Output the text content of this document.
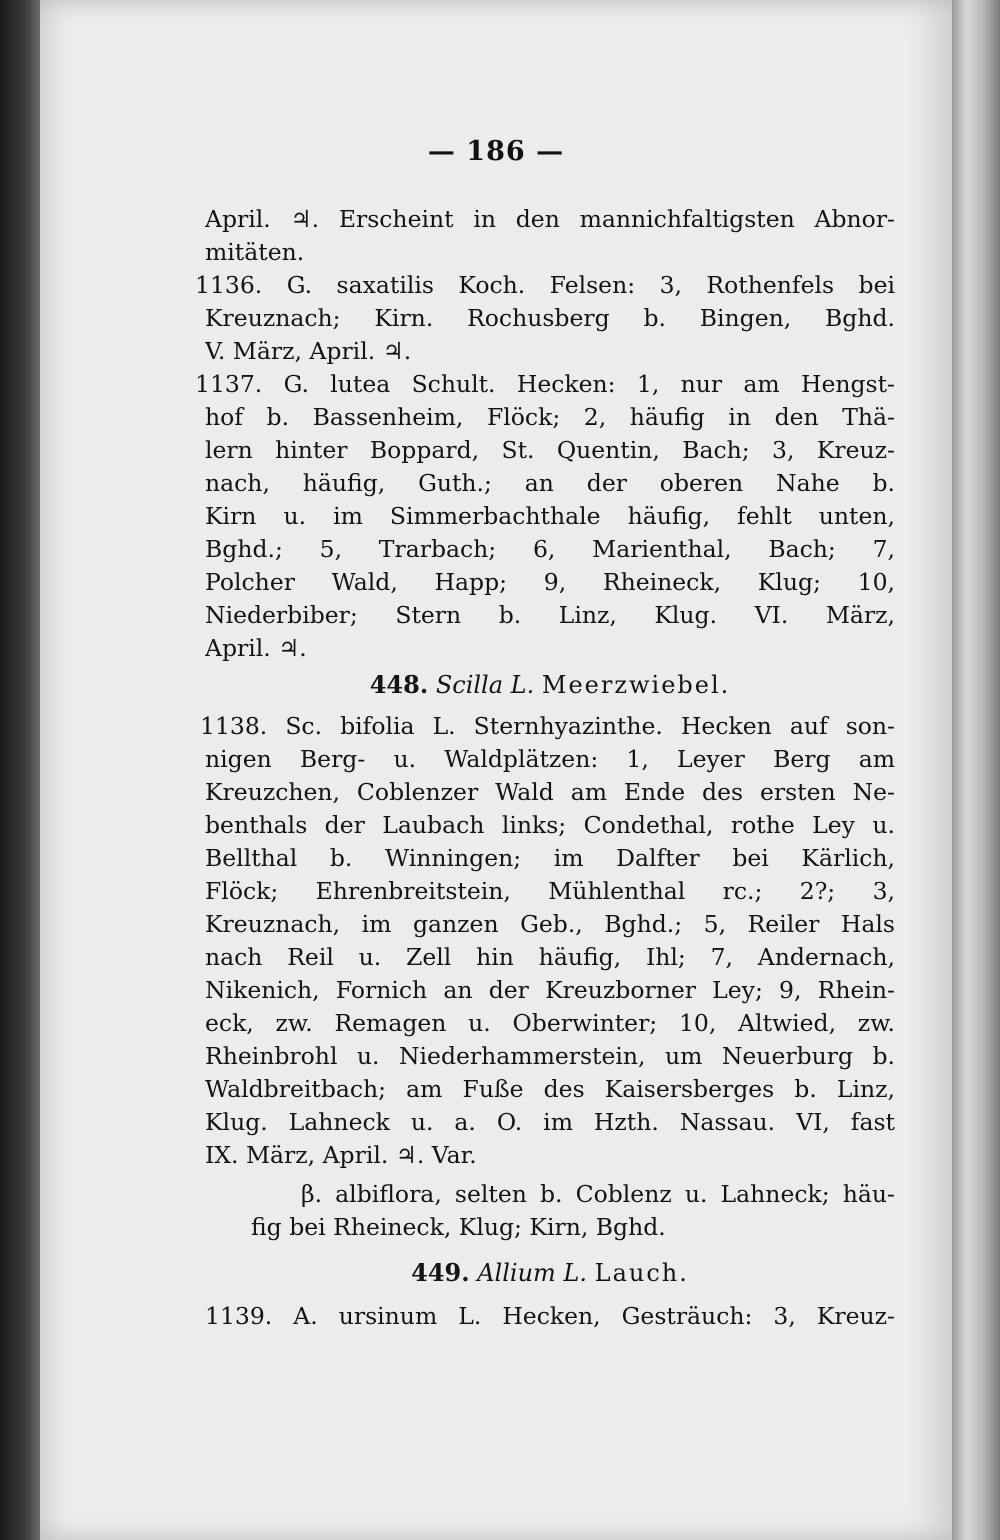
— 186 —
April. ♃. Erscheint in den mannichfaltigsten Abnor-
mitäten.
1136. G. saxatilis Koch. Felsen: 3, Rothenfels bei
Kreuznach; Kirn. Rochusberg b. Bingen, Bghd.
V. März, April. ♃.
1137. G. lutea Schult. Hecken: 1, nur am Hengst-
hof b. Bassenheim, Flöck; 2, häufig in den Thä-
lern hinter Boppard, St. Quentin, Bach; 3, Kreuz-
nach, häufig, Guth.; an der oberen Nahe b.
Kirn u. im Simmerbachthale häufig, fehlt unten,
Bghd.; 5, Trarbach; 6, Marienthal, Bach; 7,
Polcher Wald, Happ; 9, Rheineck, Klug; 10,
Niederbiber; Stern b. Linz, Klug. VI. März,
April. ♃.
448. Scilla L. Meerzwiebel.
1138. Sc. bifolia L. Sternhyazinthe. Hecken auf son-
nigen Berg- u. Waldplätzen: 1, Leyer Berg am
Kreuzchen, Coblenzer Wald am Ende des ersten Ne-
benthals der Laubach links; Condethal, rothe Ley u.
Bellthal b. Winningen; im Dalfter bei Kärlich,
Flöck; Ehrenbreitstein, Mühlenthal rc.; 2?; 3,
Kreuznach, im ganzen Geb., Bghd.; 5, Reiler Hals
nach Reil u. Zell hin häufig, Ihl; 7, Andernach,
Nikenich, Fornich an der Kreuzborner Ley; 9, Rhein-
eck, zw. Remagen u. Oberwinter; 10, Altwied, zw.
Rheinbrohl u. Niederhammerstein, um Neuerburg b.
Waldbreitbach; am Fuße des Kaisersberges b. Linz,
Klug. Lahneck u. a. O. im Hzth. Nassau. VI, fast
IX. März, April. ♃. Var.
β. albiflora, selten b. Coblenz u. Lahneck; häu-
fig bei Rheineck, Klug; Kirn, Bghd.
449. Allium L. Lauch.
1139. A. ursinum L. Hecken, Gesträuch: 3, Kreuz-
